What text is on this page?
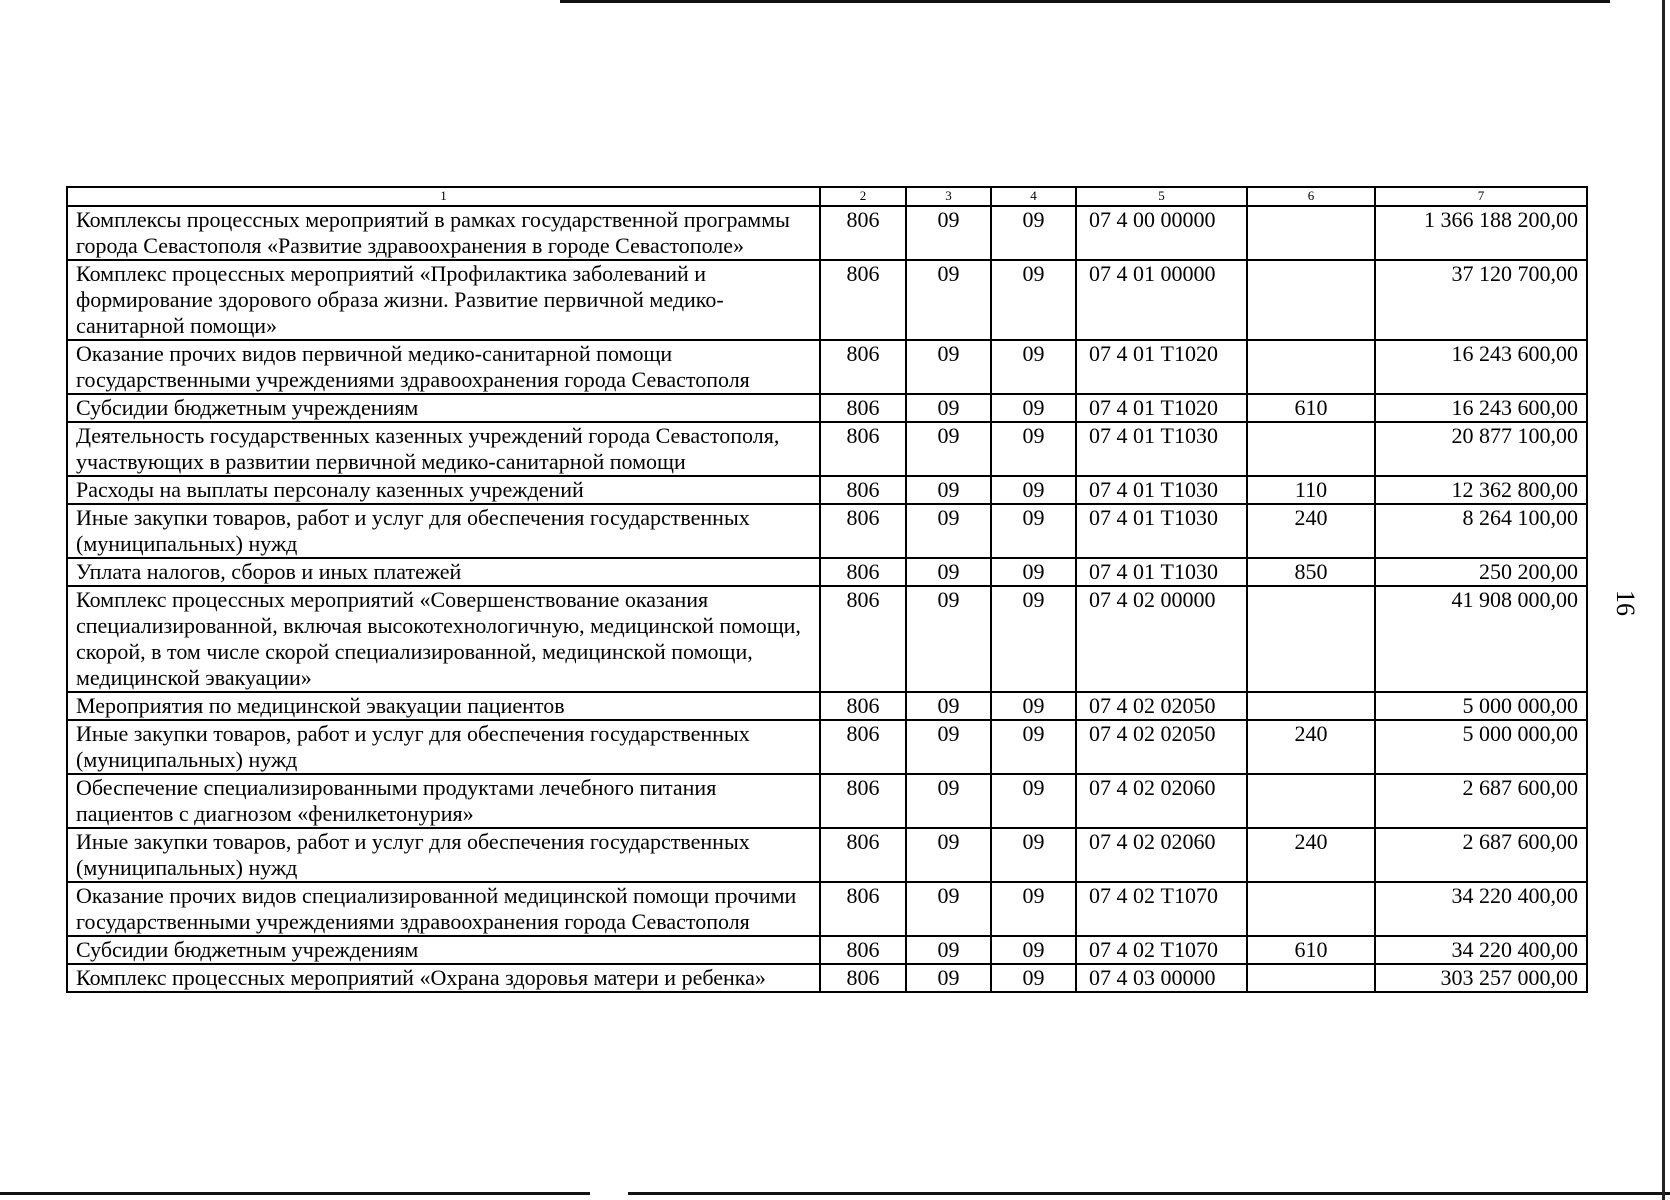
1	2	3	4	5	6	7
Комплексы процессных мероприятий в рамках государственной программы города Севастополя «Развитие здравоохранения в городе Севастополе»	806	09	09	07 4 00 00000		1 366 188 200,00
Комплекс процессных мероприятий «Профилактика заболеваний и формирование здорового образа жизни. Развитие первичной медико-санитарной помощи»	806	09	09	07 4 01 00000		37 120 700,00
Оказание прочих видов первичной медико-санитарной помощи государственными учреждениями здравоохранения города Севастополя	806	09	09	07 4 01 Т1020		16 243 600,00
Субсидии бюджетным учреждениям	806	09	09	07 4 01 Т1020	610	16 243 600,00
Деятельность государственных казенных учреждений города Севастополя, участвующих в развитии первичной медико-санитарной помощи	806	09	09	07 4 01 Т1030		20 877 100,00
Расходы на выплаты персоналу казенных учреждений	806	09	09	07 4 01 Т1030	110	12 362 800,00
Иные закупки товаров, работ и услуг для обеспечения государственных (муниципальных) нужд	806	09	09	07 4 01 Т1030	240	8 264 100,00
Уплата налогов, сборов и иных платежей	806	09	09	07 4 01 Т1030	850	250 200,00
Комплекс процессных мероприятий «Совершенствование оказания специализированной, включая высокотехнологичную, медицинской помощи, скорой, в том числе скорой специализированной, медицинской помощи, медицинской эвакуации»	806	09	09	07 4 02 00000		41 908 000,00
Мероприятия по медицинской эвакуации пациентов	806	09	09	07 4 02 02050		5 000 000,00
Иные закупки товаров, работ и услуг для обеспечения государственных (муниципальных) нужд	806	09	09	07 4 02 02050	240	5 000 000,00
Обеспечение специализированными продуктами лечебного питания пациентов с диагнозом «фенилкетонурия»	806	09	09	07 4 02 02060		2 687 600,00
Иные закупки товаров, работ и услуг для обеспечения государственных (муниципальных) нужд	806	09	09	07 4 02 02060	240	2 687 600,00
Оказание прочих видов специализированной медицинской помощи прочими государственными учреждениями здравоохранения города Севастополя	806	09	09	07 4 02 Т1070		34 220 400,00
Субсидии бюджетным учреждениям	806	09	09	07 4 02 Т1070	610	34 220 400,00
Комплекс процессных мероприятий «Охрана здоровья матери и ребенка»	806	09	09	07 4 03 00000		303 257 000,00
16
